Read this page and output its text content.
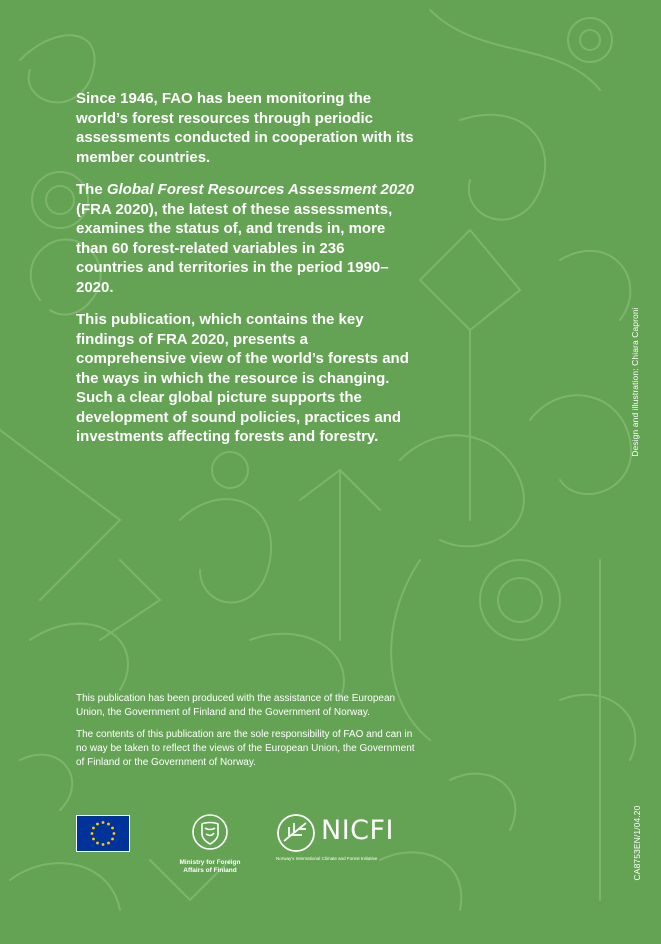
Since 1946, FAO has been monitoring the world’s forest resources through periodic assessments conducted in cooperation with its member countries.

The Global Forest Resources Assessment 2020 (FRA 2020), the latest of these assessments, examines the status of, and trends in, more than 60 forest-related variables in 236 countries and territories in the period 1990–2020.

This publication, which contains the key findings of FRA 2020, presents a comprehensive view of the world’s forests and the ways in which the resource is changing. Such a clear global picture supports the development of sound policies, practices and investments affecting forests and forestry.

This publication has been produced with the assistance of the European Union, the Government of Finland and the Government of Norway.

The contents of this publication are the sole responsibility of FAO and can in no way be taken to reflect the views of the European Union, the Government of Finland or the Government of Norway.

Design and illustration: Chiara Caproni
CA8753EN/1/04.20
Ministry for Foreign
Affairs of Finland
NICFI
Norway's International Climate and Forest Initiative
